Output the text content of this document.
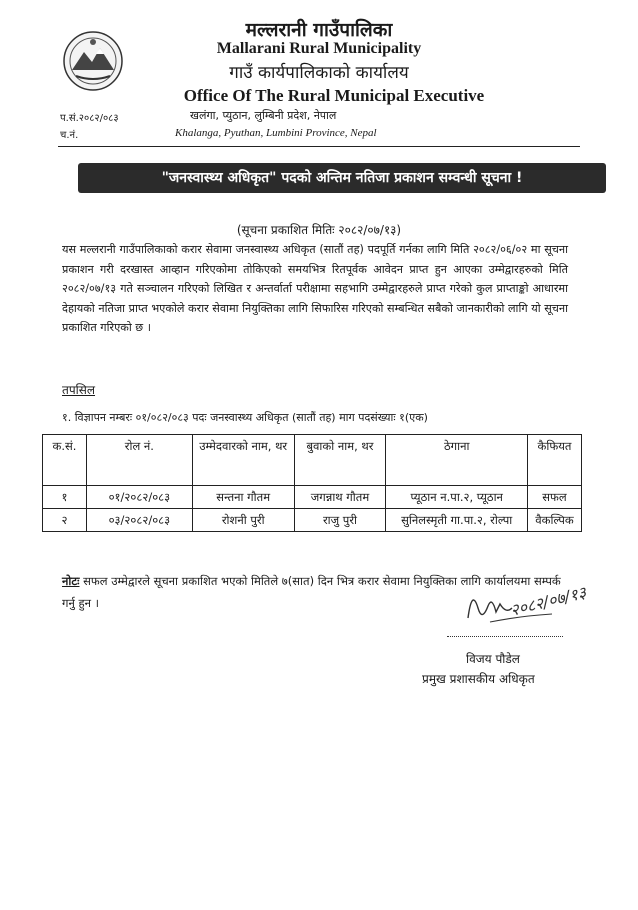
मल्लरानी गाउँपालिका
Mallarani Rural Municipality
गाउँ कार्यपालिकाको कार्यालय
Office Of The Rural Municipal Executive
प.सं.२०८२/०८३
च.नं.
खलंगा, प्युठान, लुम्बिनी प्रदेश, नेपाल
Khalanga, Pyuthan, Lumbini Province, Nepal
"जनस्वास्थ्य अधिकृत" पदको अन्तिम नतिजा प्रकाशन सम्वन्धी सूचना !
(सूचना प्रकाशित मितिः २०८२/०७/१३)
यस मल्लरानी गाउँपालिकाको करार सेवामा जनस्वास्थ्य अधिकृत (सातौं तह) पदपूर्ति गर्नका लागि मिति २०८२/०६/०२ मा सूचना प्रकाशन गरी दरखास्त आव्हान गरिएकोमा तोकिएको समयभित्र रितपूर्वक आवेदन प्राप्त हुन आएका उम्मेद्वारहरुको मिति २०८२/०७/१३ गते सञ्चालन गरिएको लिखित र अन्तर्वार्ता परीक्षामा सहभागि उम्मेद्वारहरुले प्राप्त गरेको कुल प्राप्ताङ्को आधारमा देहायको नतिजा प्राप्त भएकोले करार सेवामा नियुक्तिका लागि सिफारिस गरिएको सम्बन्धित सबैको जानकारीको लागि यो सूचना प्रकाशित गरिएको छ ।
तपसिल
१. विज्ञापन नम्बरः ०१/०८२/०८३ पदः जनस्वास्थ्य अधिकृत (सातौं तह) माग पदसंख्याः १(एक)
क.सं.	रोल नं.	उम्मेदवारको नाम, थर	बुवाको नाम, थर	ठेगाना	कैफियत
१	०१/२०८२/०८३	सन्तना गौतम	जगन्नाथ गौतम	प्यूठान न.पा.२, प्यूठान	सफल
२	०३/२०८२/०८३	रोशनी पुरी	राजु पुरी	सुनिलस्मृती गा.पा.२, रोल्पा	वैकल्पिक
नोटः सफल उम्मेद्वारले सूचना प्रकाशित भएको मितिले ७(सात) दिन भित्र करार सेवामा नियुक्तिका लागि कार्यालयमा सम्पर्क गर्नु हुन ।	२०८२/०७/१३
विजय पौडेल
प्रमुख प्रशासकीय अधिकृत
